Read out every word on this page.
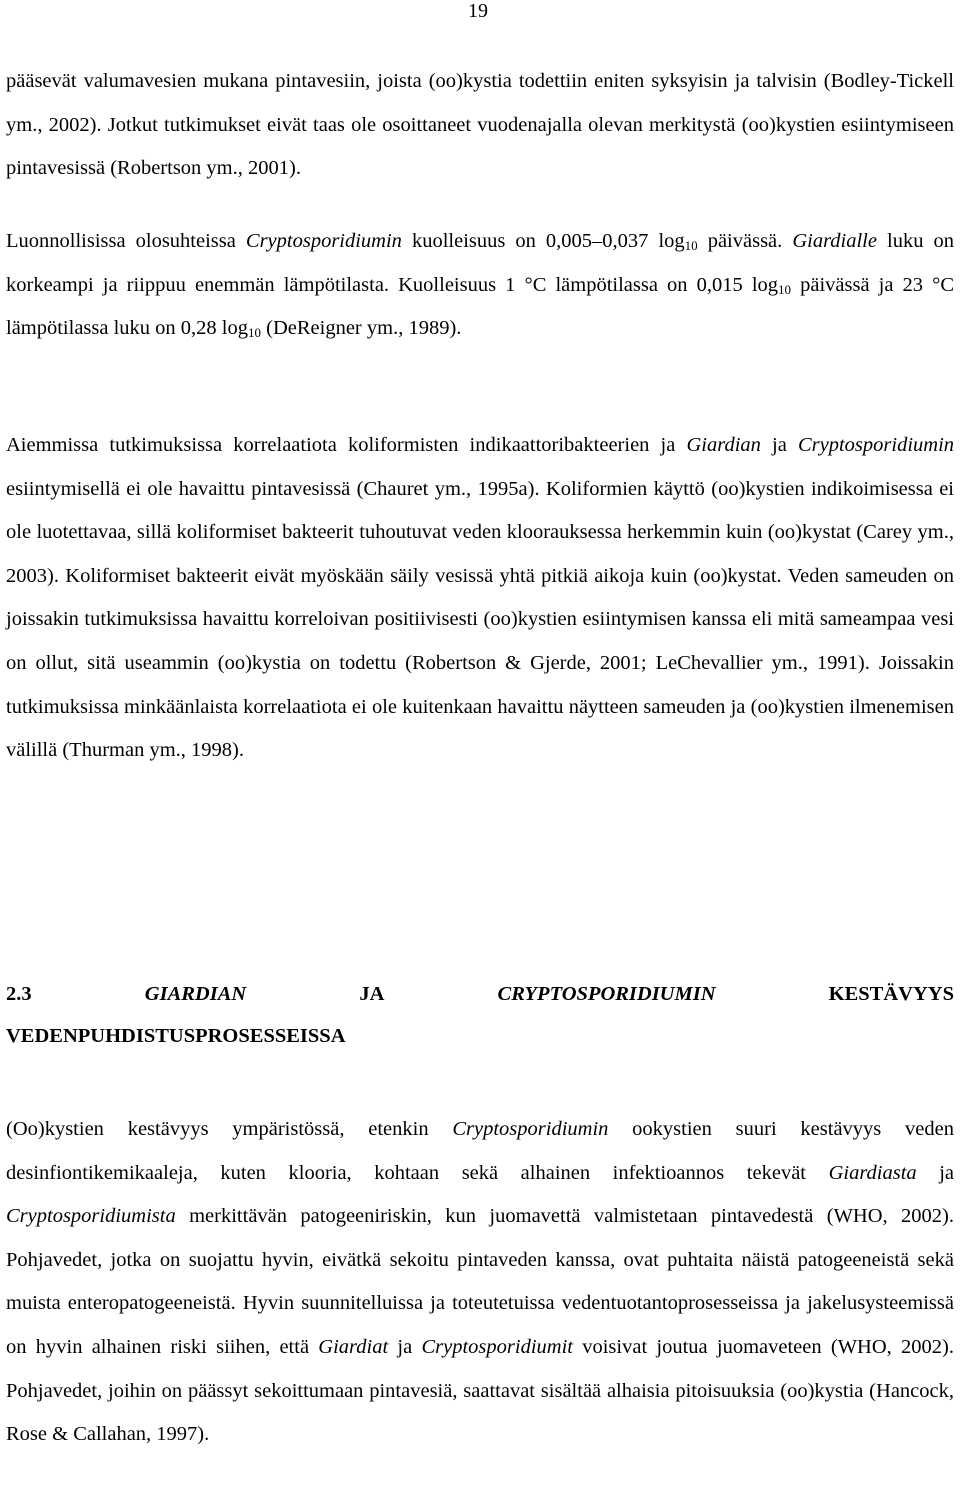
19

pääsevät valumavesien mukana pintavesiin, joista (oo)kystia todettiin eniten syksyisin ja talvisin (Bodley-Tickell ym., 2002). Jotkut tutkimukset eivät taas ole osoittaneet vuodenajalla olevan merkitystä (oo)kystien esiintymiseen pintavesissä (Robertson ym., 2001).

Luonnollisissa olosuhteissa Cryptosporidiumin kuolleisuus on 0,005–0,037 $\log_{10}$ päivässä. Giardialle luku on korkeampi ja riippuu enemmän lämpötilasta. Kuolleisuus 1 °C lämpötilassa on 0,015 $\log_{10}$ päivässä ja 23 °C lämpötilassa luku on 0,28 $\log_{10}$ (DeReigner ym., 1989).

Aiemmissa tutkimuksissa korrelaatiota koliformisten indikaattoribakteerien ja Giardian ja Cryptosporidiumin esiintymisellä ei ole havaittu pintavesissä (Chauret ym., 1995a). Koliformien käyttö (oo)kystien indikoimisessa ei ole luotettavaa, sillä koliformiset bakteerit tuhoutuvat veden kloorauksessa herkemmin kuin (oo)kystat (Carey ym., 2003). Koliformiset bakteerit eivät myöskään säily vesissä yhtä pitkiä aikoja kuin (oo)kystat. Veden sameuden on joissakin tutkimuksissa havaittu korreloivan positiivisesti (oo)kystien esiintymisen kanssa eli mitä sameampaa vesi on ollut, sitä useammin (oo)kystia on todettu (Robertson & Gjerde, 2001; LeChevallier ym., 1991). Joissakin tutkimuksissa minkäänlaista korrelaatiota ei ole kuitenkaan havaittu näytteen sameuden ja (oo)kystien ilmenemisen välillä (Thurman ym., 1998).

2.3	GIARDIAN	JA	CRYPTOSPORIDIUMIN	KESTÄVYYS
VEDENPUHDISTUSPROSESSEISSA

(Oo)kystien kestävyys ympäristössä, etenkin Cryptosporidiumin ookystien suuri kestävyys veden desinfiontikemikaaleja, kuten klooria, kohtaan sekä alhainen infektioannos tekevät Giardiasta ja Cryptosporidiumista merkittävän patogeeniriskin, kun juomavettä valmistetaan pintavedestä (WHO, 2002). Pohjavedet, jotka on suojattu hyvin, eivätkä sekoitu pintaveden kanssa, ovat puhtaita näistä patogeeneistä sekä muista enteropatogeeneistä. Hyvin suunnitelluissa ja toteutetuissa vedentuotantoprosesseissa ja jakelusysteemissä on hyvin alhainen riski siihen, että Giardiat ja Cryptosporidiumit voisivat joutua juomaveteen (WHO, 2002). Pohjavedet, joihin on päässyt sekoittumaan pintavesiä, saattavat sisältää alhaisia pitoisuuksia (oo)kystia (Hancock, Rose & Callahan, 1997).
